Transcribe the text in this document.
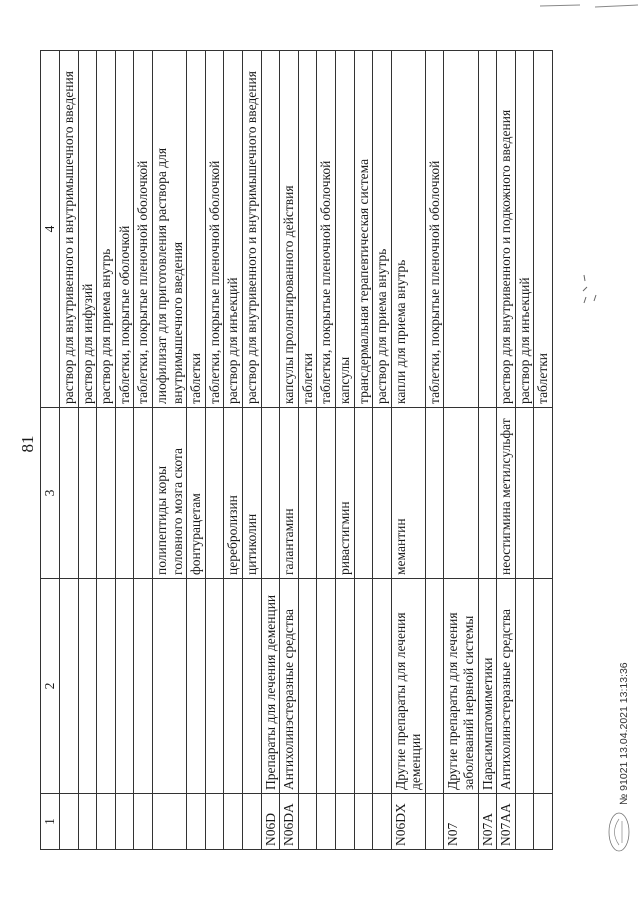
81
1	2	3	4
			раствор для внутривенного и внутримышечного введения
			раствор для инфузий
			раствор для приема внутрь
			таблетки, покрытые оболочкой
			таблетки, покрытые пленочной оболочкой
		полипептиды коры головного мозга скота	лиофилизат для приготовления раствора для внутримышечного введения
		фонтурацетам	таблетки
			таблетки, покрытые пленочной оболочкой
		церебролизин	раствор для инъекций
		цитиколин	раствор для внутривенного и внутримышечного введения
N06D	Препараты для лечения деменции		
N06DA	Антихолинэстеразные средства	галантамин	капсулы пролонгированного действия
			таблетки
			таблетки, покрытые пленочной оболочкой
		ривастигмин	капсулы
			трансдермальная терапевтическая система
			раствор для приема внутрь
N06DX	Другие препараты для лечения деменции	мемантин	капли для приема внутрь
			таблетки, покрытые пленочной оболочкой
N07	Другие препараты для лечения заболеваний нервной системы		
N07A	Парасимпатомиметики		
N07AA	Антихолинэстеразные средства	неостигмина метилсульфат	раствор для внутривенного и подкожного введения
			раствор для инъекций
			таблетки
№ 91021 13.04.2021 13:13:36
